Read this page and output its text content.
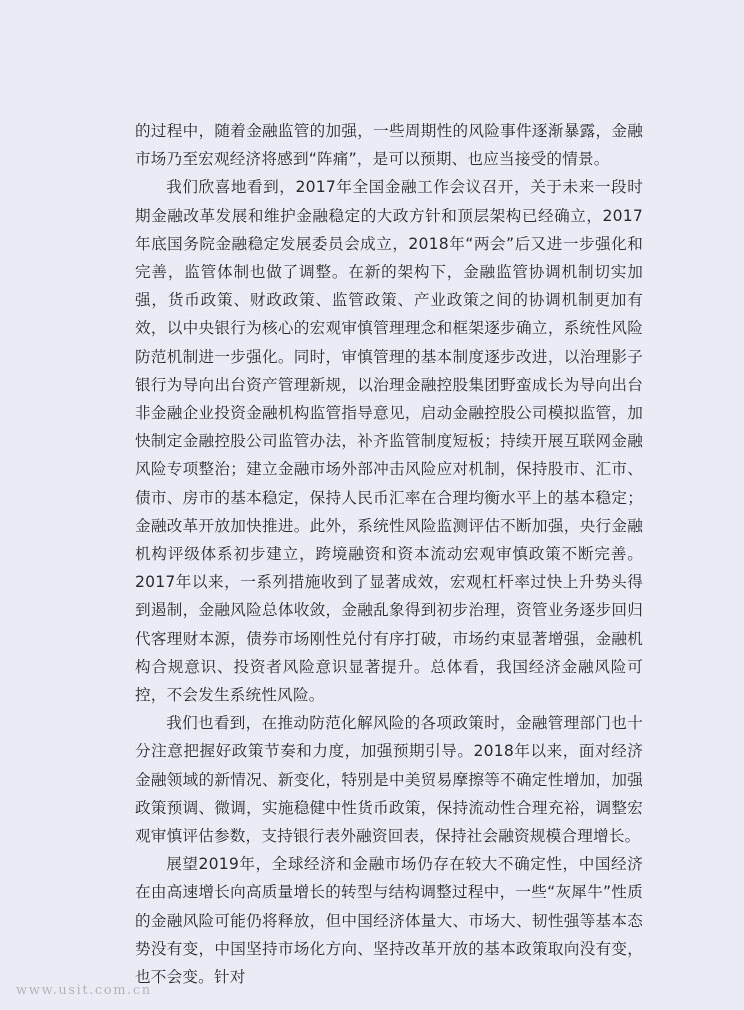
的过程中，随着金融监管的加强，一些周期性的风险事件逐渐暴露，金融市场乃至宏观经济将感到“阵痛”，是可以预期、也应当接受的情景。

我们欣喜地看到，2017年全国金融工作会议召开，关于未来一段时期金融改革发展和维护金融稳定的大政方针和顶层架构已经确立，2017年底国务院金融稳定发展委员会成立，2018年“两会”后又进一步强化和完善，监管体制也做了调整。在新的架构下，金融监管协调机制切实加强，货币政策、财政政策、监管政策、产业政策之间的协调机制更加有效，以中央银行为核心的宏观审慎管理理念和框架逐步确立，系统性风险防范机制进一步强化。同时，审慎管理的基本制度逐步改进，以治理影子银行为导向出台资产管理新规，以治理金融控股集团野蛮成长为导向出台非金融企业投资金融机构监管指导意见，启动金融控股公司模拟监管，加快制定金融控股公司监管办法，补齐监管制度短板；持续开展互联网金融风险专项整治；建立金融市场外部冲击风险应对机制，保持股市、汇市、债市、房市的基本稳定，保持人民币汇率在合理均衡水平上的基本稳定；金融改革开放加快推进。此外，系统性风险监测评估不断加强，央行金融机构评级体系初步建立，跨境融资和资本流动宏观审慎政策不断完善。2017年以来，一系列措施收到了显著成效，宏观杠杆率过快上升势头得到遏制，金融风险总体收敛，金融乱象得到初步治理，资管业务逐步回归代客理财本源，债券市场刚性兑付有序打破，市场约束显著增强，金融机构合规意识、投资者风险意识显著提升。总体看，我国经济金融风险可控，不会发生系统性风险。

我们也看到，在推动防范化解风险的各项政策时，金融管理部门也十分注意把握好政策节奏和力度，加强预期引导。2018年以来，面对经济金融领域的新情况、新变化，特别是中美贸易摩擦等不确定性增加，加强政策预调、微调，实施稳健中性货币政策，保持流动性合理充裕，调整宏观审慎评估参数，支持银行表外融资回表，保持社会融资规模合理增长。

展望2019年，全球经济和金融市场仍存在较大不确定性，中国经济在由高速增长向高质量增长的转型与结构调整过程中，一些“灰犀牛”性质的金融风险可能仍将释放，但中国经济体量大、市场大、韧性强等基本态势没有变，中国坚持市场化方向、坚持改革开放的基本政策取向没有变，也不会变。针对

www.usit.com.cn
